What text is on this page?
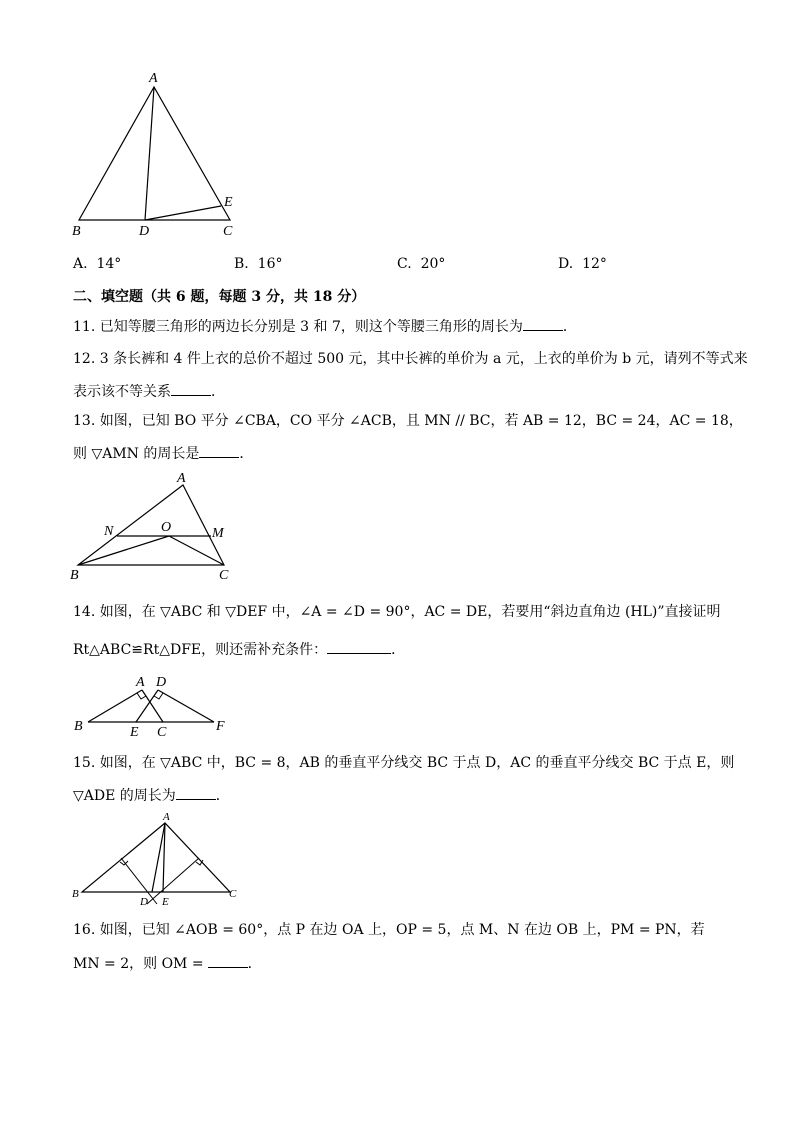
A
B	D	C
E
A. 14°	B. 16°	C. 20°	D. 12°
二、填空题（共 6 题，每题 3 分，共 18 分）
11. 已知等腰三角形的两边长分别是 3 和 7，则这个等腰三角形的周长为	．
12. 3 条长裤和 4 件上衣的总价不超过 500 元，其中长裤的单价为 a 元，上衣的单价为 b 元，请列不等式来
表示该不等关系	．
13. 如图，已知 BO 平分 ∠CBA，CO 平分 ∠ACB，且 MN // BC，若 AB = 12，BC = 24，AC = 18，
则 ▽AMN 的周长是	．
A
N	O	M
B	C
14. 如图，在 ▽ABC 和 ▽DEF 中，∠A = ∠D = 90°，AC = DE，若要用“斜边直角边 (HL)”直接证明
Rt△ABC≌Rt△DFE，则还需补充条件：	．
A D
B	E C	F
15. 如图，在 ▽ABC 中，BC = 8，AB 的垂直平分线交 BC 于点 D，AC 的垂直平分线交 BC 于点 E，则
▽ADE 的周长为	．
A
B	C
D E
16. 如图，已知 ∠AOB = 60°，点 P 在边 OA 上，OP = 5，点 M、N 在边 OB 上，PM = PN，若
MN = 2，则 OM =	．
